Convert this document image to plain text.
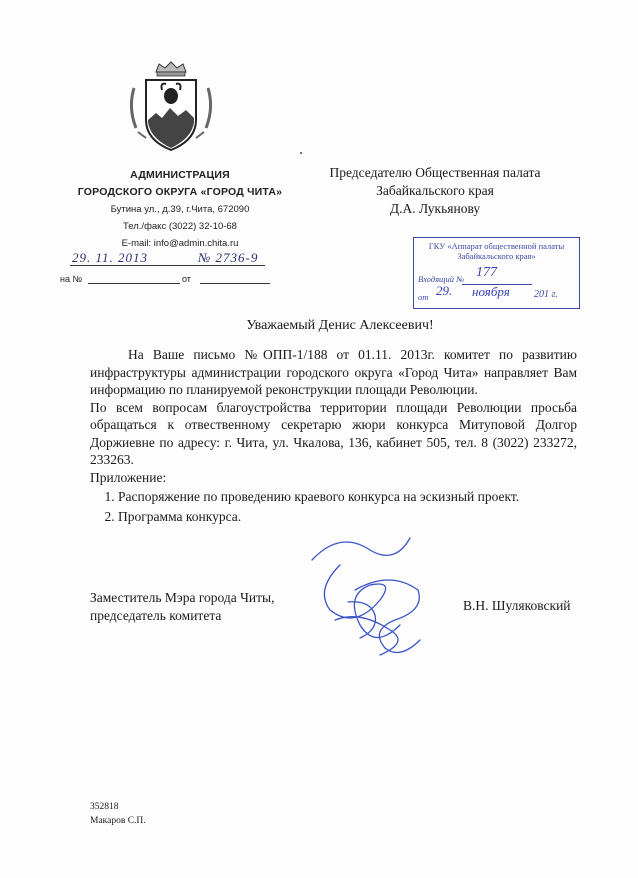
АДМИНИСТРАЦИЯ
ГОРОДСКОГО ОКРУГА «ГОРОД ЧИТА»
Бутина ул., д.39, г.Чита, 672090
Тел./факс (3022) 32-10-68
E-mail: info@admin.chita.ru
29. 11. 2013	№ 2736-9
на №	от
Председателю Общественная палата
Забайкальского края
Д.А. Лукьянову
ГКУ «Аппарат общественной палаты Забайкальского края»
Входящий № 177
от 29. ноября 201 г.
Уважаемый Денис Алексеевич!

На Ваше письмо №ОПП-1/188 от 01.11. 2013г. комитет по развитию инфраструктуры администрации городского округа «Город Чита» направляет Вам информацию по планируемой реконструкции площади Революции.

По всем вопросам благоустройства территории площади Революции просьба обращаться к отвественному секретарю жюри конкурса Митуповой Долгор Доржиевне по адресу: г. Чита, ул. Чкалова, 136, кабинет 505, тел. 8 (3022) 233272, 233263.

Приложение:

1. Распоряжение по проведению краевого конкурса на эскизный проект.
2. Программа конкурса.
Заместитель Мэра города Читы,
председатель комитета
В.Н. Шуляковский
352818
Макаров С.П.
